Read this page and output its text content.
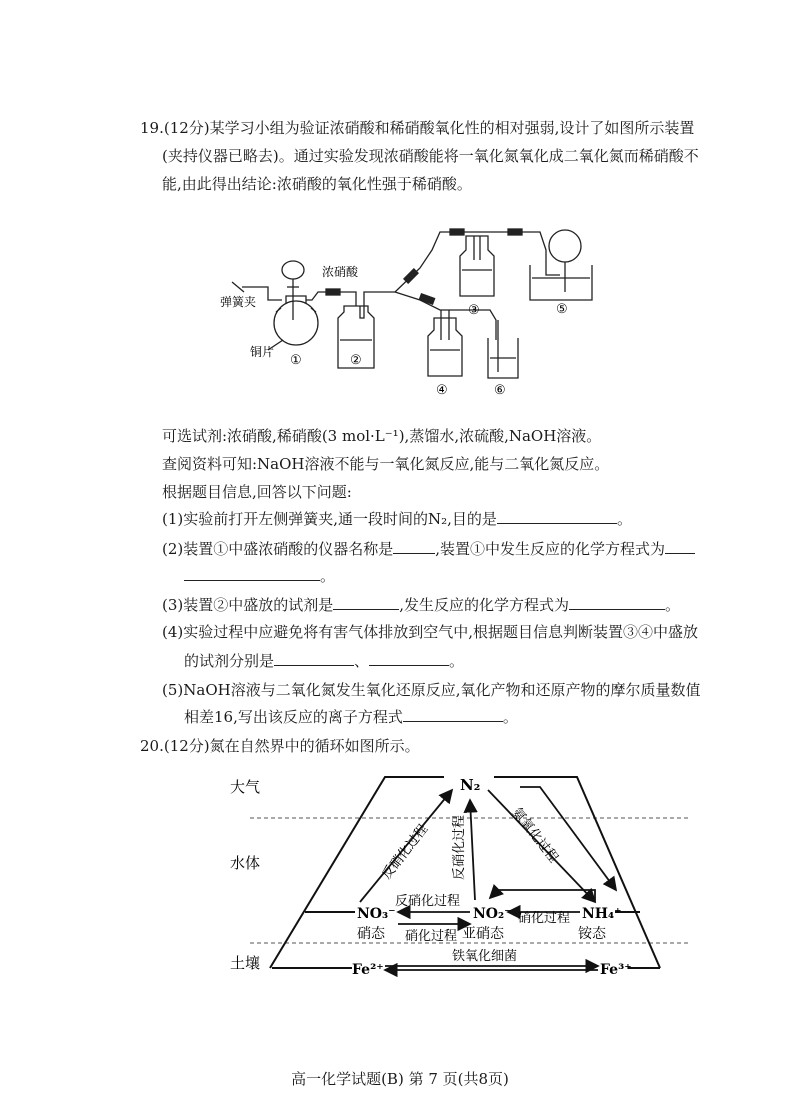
19.(12分)某学习小组为验证浓硝酸和稀硝酸氧化性的相对强弱,设计了如图所示装置
(夹持仪器已略去)。通过实验发现浓硝酸能将一氧化氮氧化成二氧化氮而稀硝酸不
能,由此得出结论:浓硝酸的氧化性强于稀硝酸。
浓硝酸
弹簧夹
铜片
①	②
③	⑤
④	⑥
可选试剂:浓硝酸,稀硝酸(3 mol·L⁻¹),蒸馏水,浓硫酸,NaOH溶液。
查阅资料可知:NaOH溶液不能与一氧化氮反应,能与二氧化氮反应。
根据题目信息,回答以下问题:
(1)实验前打开左侧弹簧夹,通一段时间的N₂,目的是	。
(2)装置①中盛浓硝酸的仪器名称是	,装置①中发生反应的化学方程式为
。
(3)装置②中盛放的试剂是	,发生反应的化学方程式为	。
(4)实验过程中应避免将有害气体排放到空气中,根据题目信息判断装置③④中盛放
的试剂分别是	、	。
(5)NaOH溶液与二氧化氮发生氧化还原反应,氧化产物和还原产物的摩尔质量数值
相差16,写出该反应的离子方程式	。
20.(12分)氮在自然界中的循环如图所示。
大气
水体
土壤
N₂
NO₃⁻
硝态
NO₂⁻
亚硝态
NH₄⁺
铵态
Fe²⁺	Fe³⁺
反硝化过程 反硝化过程	氨氧化过程
反硝化过程
硝化过程
硝化过程
铁氧化细菌
高一化学试题(B) 第 7 页(共8页)
